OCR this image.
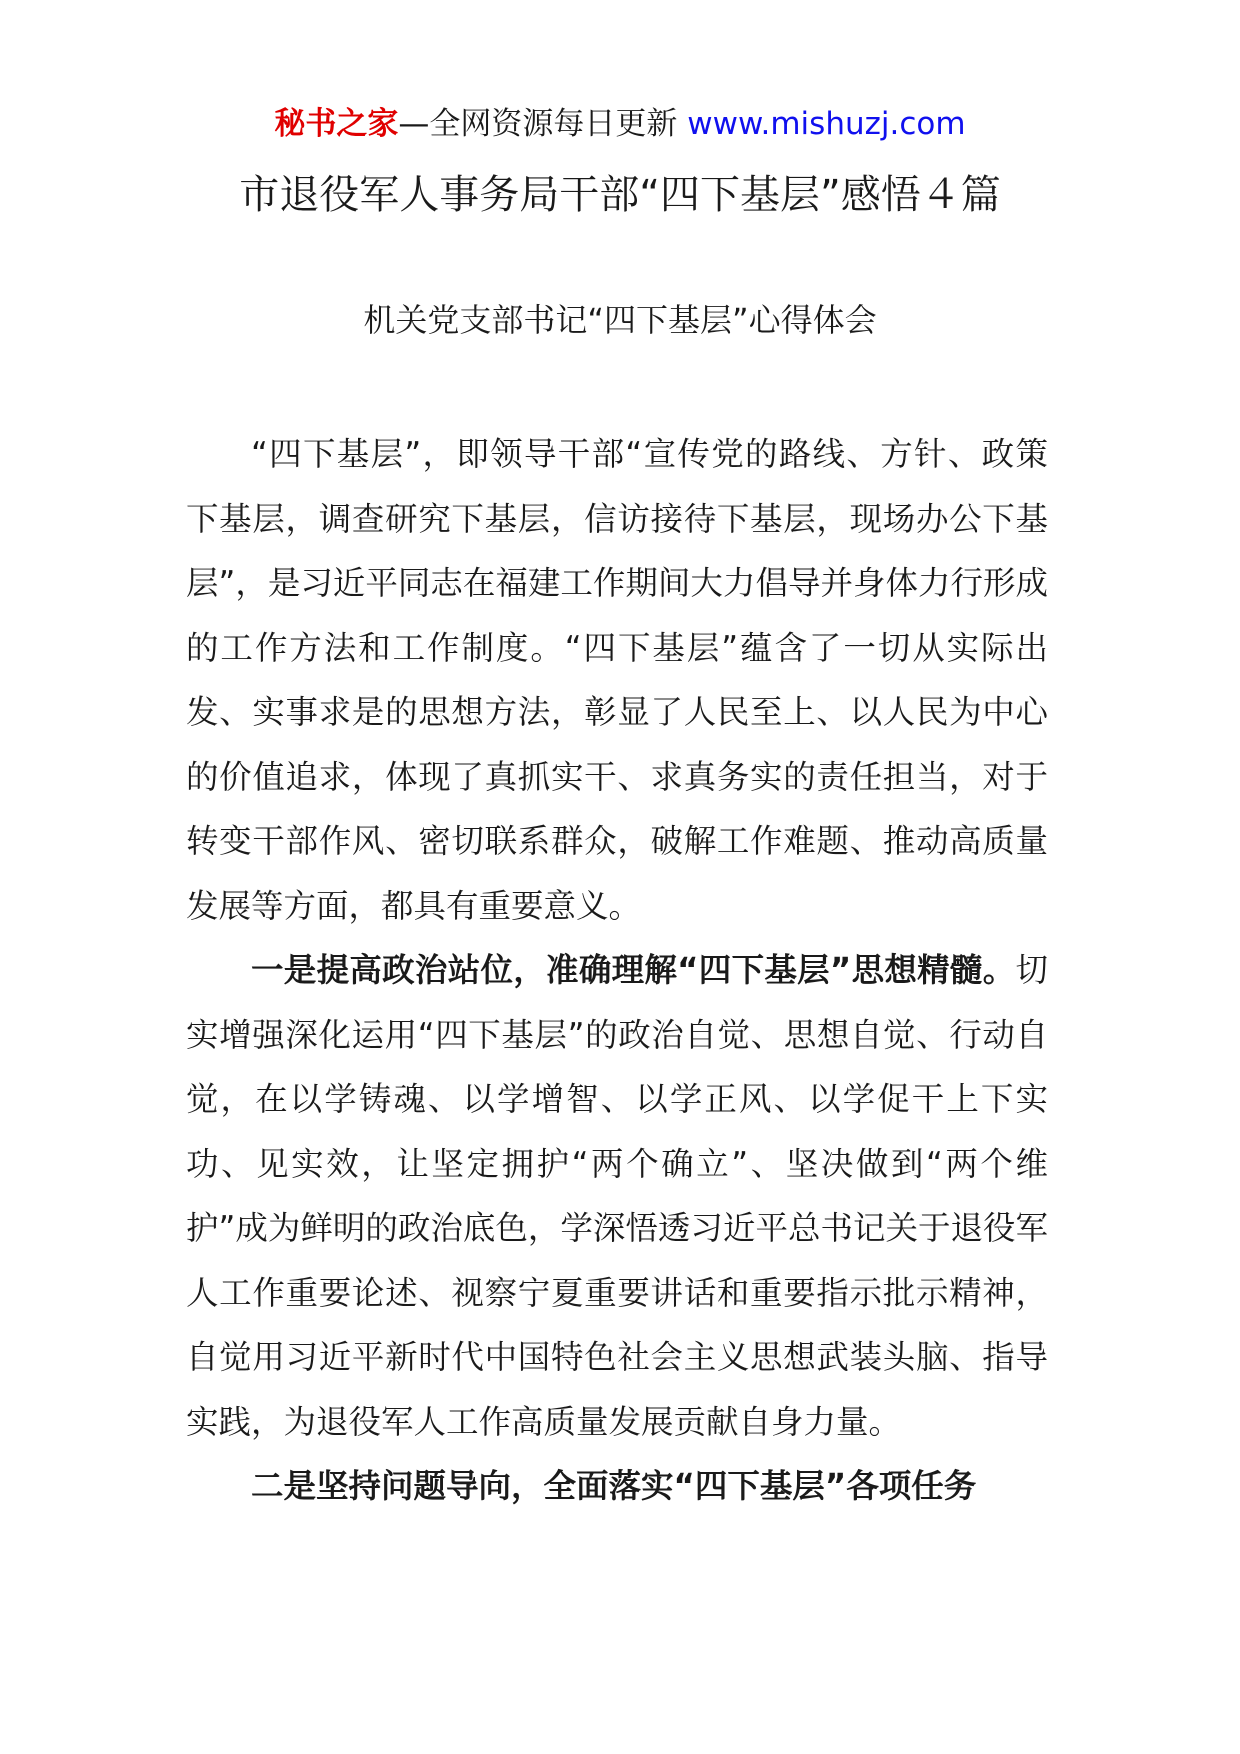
秘书之家—全网资源每日更新 www.mishuzj.com
市退役军人事务局干部“四下基层”感悟４篇
机关党支部书记“四下基层”心得体会

“四下基层”，即领导干部“宣传党的路线、方针、政策下基层，调查研究下基层，信访接待下基层，现场办公下基层”，是习近平同志在福建工作期间大力倡导并身体力行形成的工作方法和工作制度。“四下基层”蕴含了一切从实际出发、实事求是的思想方法，彰显了人民至上、以人民为中心的价值追求，体现了真抓实干、求真务实的责任担当，对于转变干部作风、密切联系群众，破解工作难题、推动高质量发展等方面，都具有重要意义。

一是提高政治站位，准确理解“四下基层”思想精髓。切实增强深化运用“四下基层”的政治自觉、思想自觉、行动自觉，在以学铸魂、以学增智、以学正风、以学促干上下实功、见实效，让坚定拥护“两个确立”、坚决做到“两个维护”成为鲜明的政治底色，学深悟透习近平总书记关于退役军人工作重要论述、视察宁夏重要讲话和重要指示批示精神，自觉用习近平新时代中国特色社会主义思想武装头脑、指导实践，为退役军人工作高质量发展贡献自身力量。

二是坚持问题导向，全面落实“四下基层”各项任务
